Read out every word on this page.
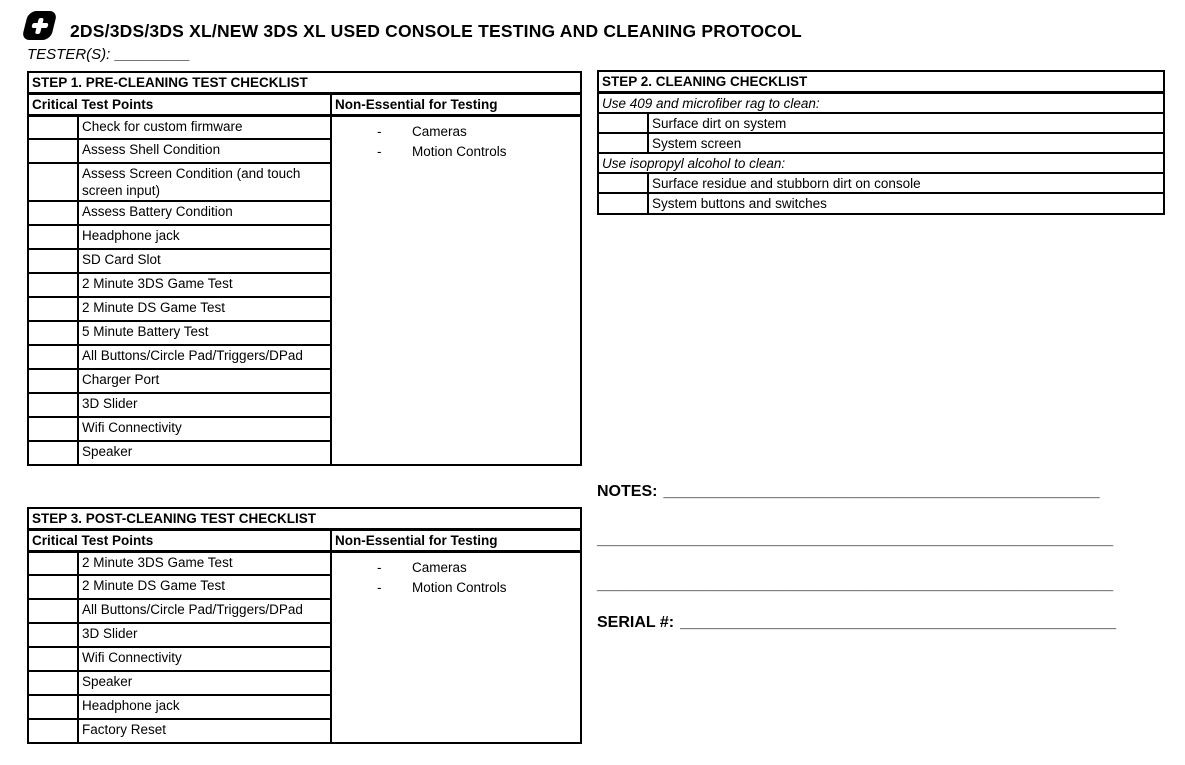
2DS/3DS/3DS XL/NEW 3DS XL USED CONSOLE TESTING AND CLEANING PROTOCOL
TESTER(S): _________
STEP 1. PRE-CLEANING TEST CHECKLIST		
Critical Test Points		Non-Essential for Testing
	Check for custom firmware	- Cameras
- Motion Controls

	Assess Shell Condition	
	Assess Screen Condition (and touch screen input)	
	Assess Battery Condition	
	Headphone jack	
	SD Card Slot	
	2 Minute 3DS Game Test	
	2 Minute DS Game Test	
	5 Minute Battery Test	
	All Buttons/Circle Pad/Triggers/DPad	
	Charger Port	
	3D Slider	
	Wifi Connectivity	
	Speaker	
STEP 2. CLEANING CHECKLIST	
Use 409 and microfiber rag to clean:	
	Surface dirt on system
	System screen
Use isopropyl alcohol to clean:	
	Surface residue and stubborn dirt on console
	System buttons and switches
STEP 3. POST-CLEANING TEST CHECKLIST		
Critical Test Points		Non-Essential for Testing
	2 Minute 3DS Game Test	- Cameras
- Motion Controls

	2 Minute DS Game Test	
	All Buttons/Circle Pad/Triggers/DPad	
	3D Slider	
	Wifi Connectivity	
	Speaker	
	Headphone jack	
	Factory Reset	
NOTES: _________________________________________________
__________________________________________________________
__________________________________________________________
SERIAL #: _________________________________________________
